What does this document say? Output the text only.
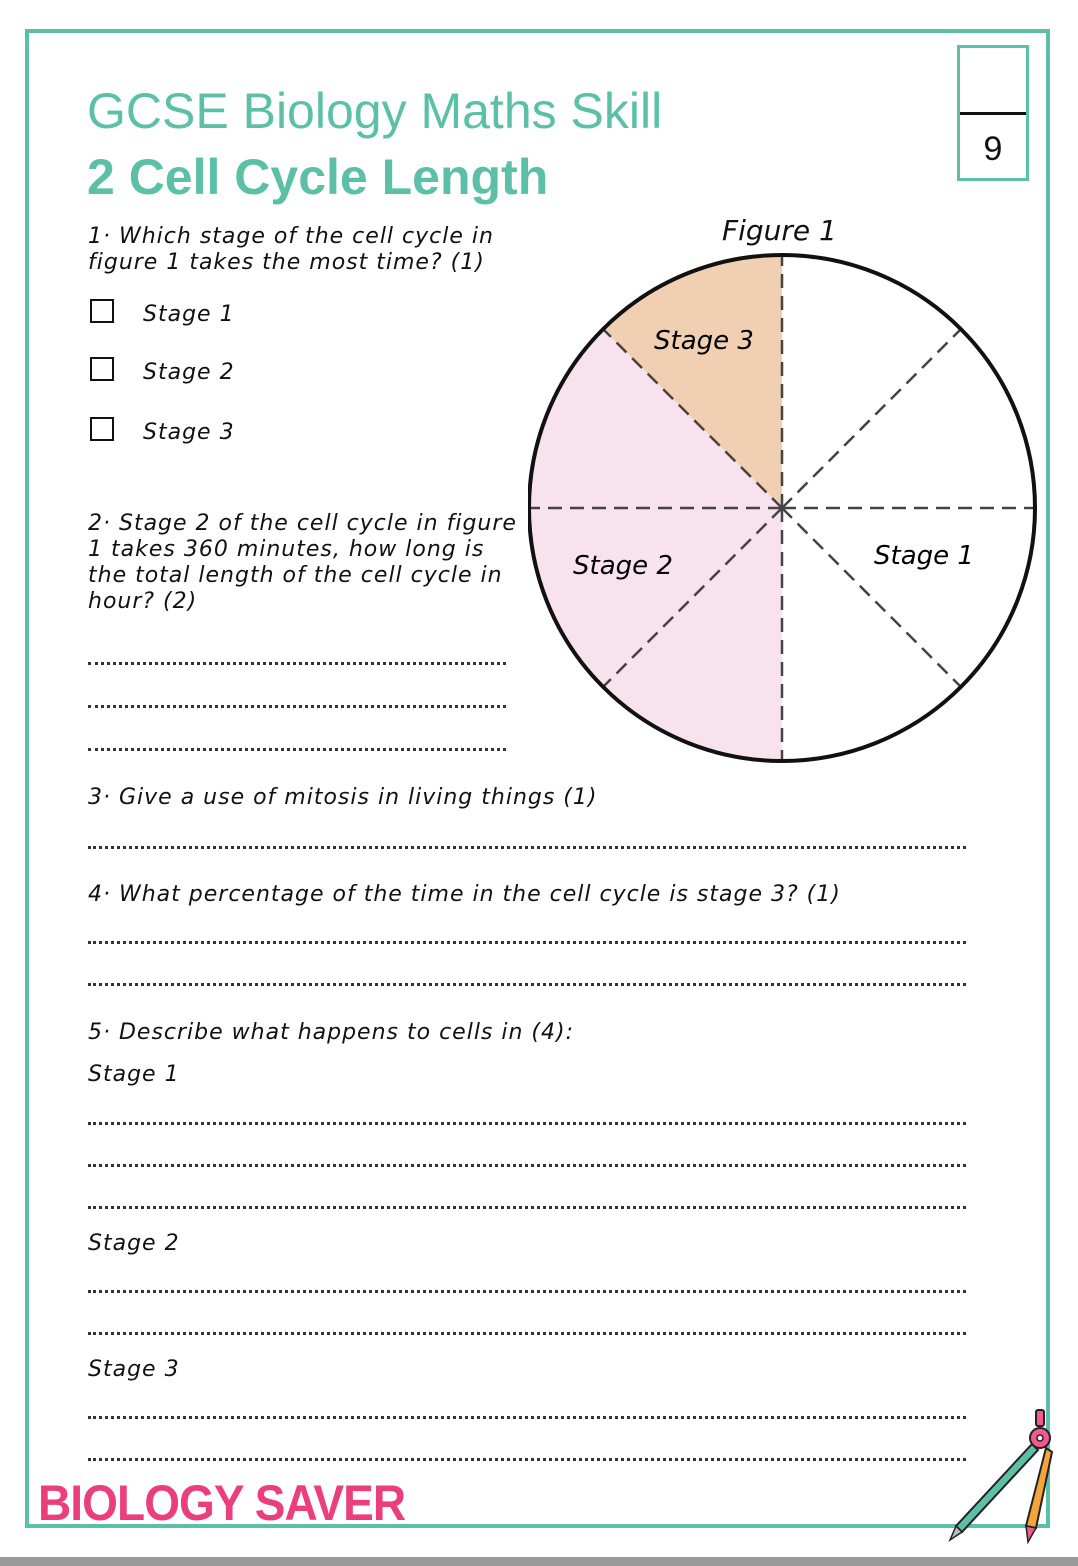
GCSE Biology Maths Skill
2 Cell Cycle Length	9
1· Which stage of the cell cycle in
figure 1 takes the most time? (1)
Stage 1
Stage 2
Stage 3
2· Stage 2 of the cell cycle in figure
1 takes 360 minutes, how long is
the total length of the cell cycle in
hour? (2)
Figure 1
Stage 3
Stage 2	Stage 1
3· Give a use of mitosis in living things (1)
4· What percentage of the time in the cell cycle is stage 3? (1)
5· Describe what happens to cells in (4):
Stage 1
Stage 2
Stage 3
BIOLOGY SAVER
